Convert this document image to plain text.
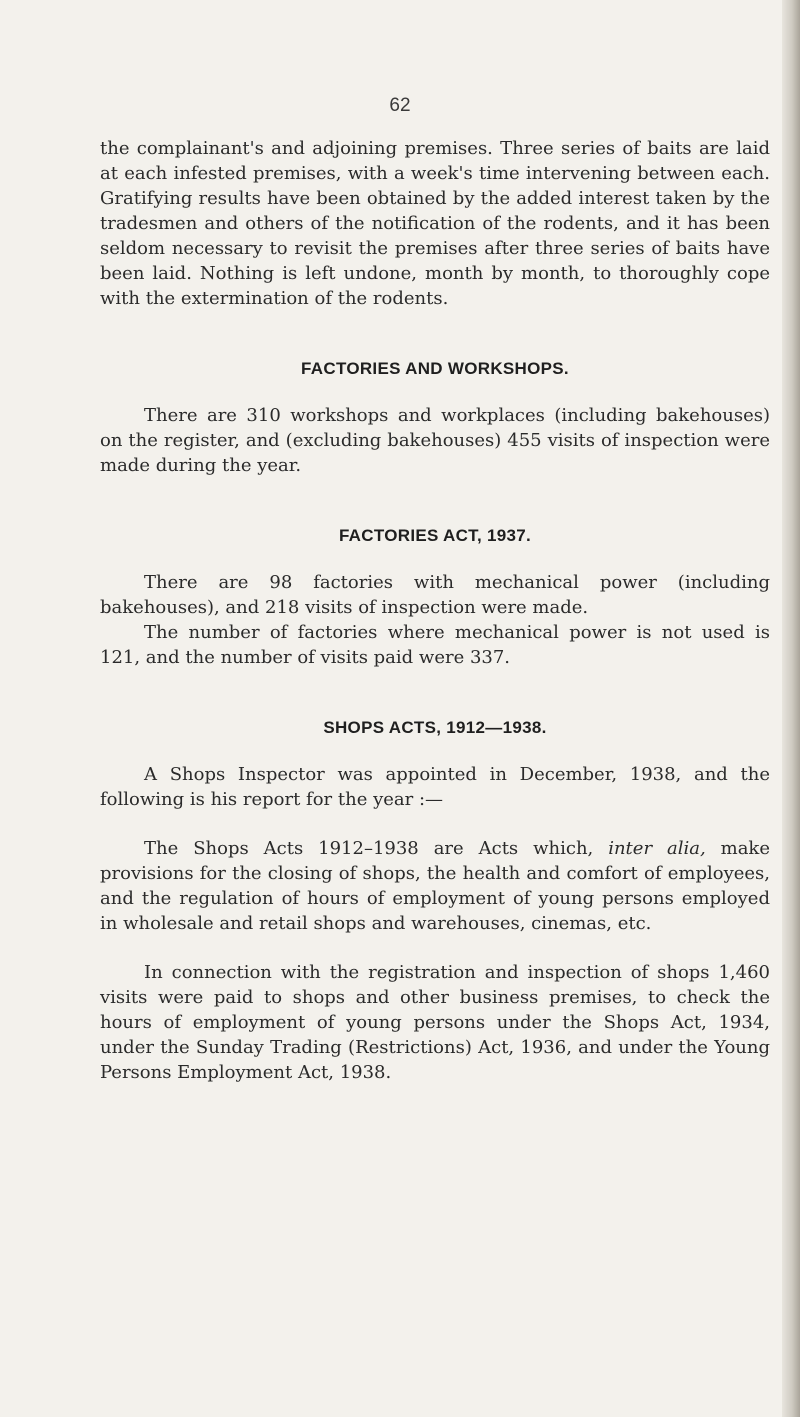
62

the complainant's and adjoining premises. Three series of baits are laid at each infested premises, with a week's time intervening between each. Gratifying results have been obtained by the added interest taken by the tradesmen and others of the notification of the rodents, and it has been seldom necessary to revisit the premises after three series of baits have been laid. Nothing is left undone, month by month, to thoroughly cope with the extermination of the rodents.

FACTORIES AND WORKSHOPS.

There are 310 workshops and workplaces (including bakehouses) on the register, and (excluding bakehouses) 455 visits of inspection were made during the year.

FACTORIES ACT, 1937.

There are 98 factories with mechanical power (including bakehouses), and 218 visits of inspection were made.

The number of factories where mechanical power is not used is 121, and the number of visits paid were 337.

SHOPS ACTS, 1912—1938.

A Shops Inspector was appointed in December, 1938, and the following is his report for the year :—

The Shops Acts 1912–1938 are Acts which, inter alia, make provisions for the closing of shops, the health and comfort of employees, and the regulation of hours of employment of young persons employed in wholesale and retail shops and warehouses, cinemas, etc.

In connection with the registration and inspection of shops 1,460 visits were paid to shops and other business premises, to check the hours of employment of young persons under the Shops Act, 1934, under the Sunday Trading (Restrictions) Act, 1936, and under the Young Persons Employment Act, 1938.
